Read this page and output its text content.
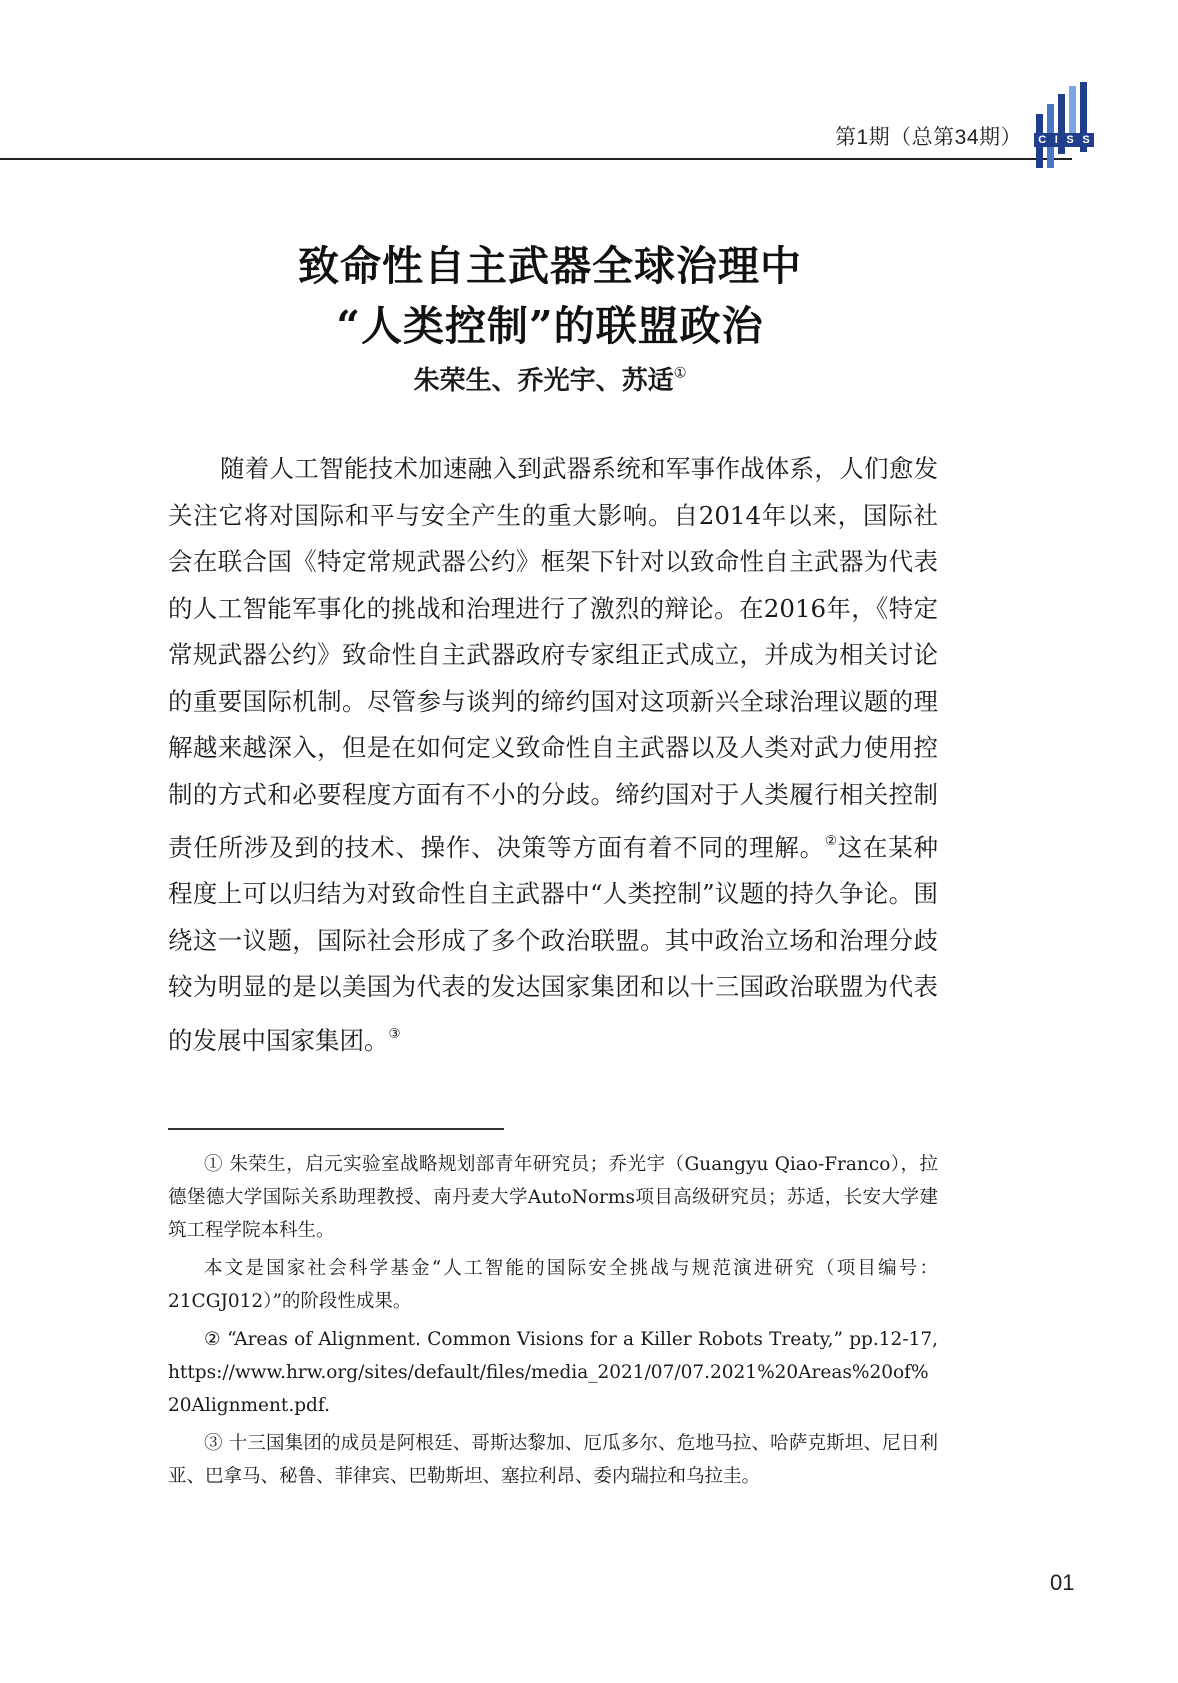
第1期（总第34期） C I S S
致命性自主武器全球治理中
“人类控制”的联盟政治
朱荣生、乔光宇、苏适①

随着人工智能技术加速融入到武器系统和军事作战体系，人们愈发关注它将对国际和平与安全产生的重大影响。自2014年以来，国际社会在联合国《特定常规武器公约》框架下针对以致命性自主武器为代表的人工智能军事化的挑战和治理进行了激烈的辩论。在2016年，《特定常规武器公约》致命性自主武器政府专家组正式成立，并成为相关讨论的重要国际机制。尽管参与谈判的缔约国对这项新兴全球治理议题的理解越来越深入，但是在如何定义致命性自主武器以及人类对武力使用控制的方式和必要程度方面有不小的分歧。缔约国对于人类履行相关控制责任所涉及到的技术、操作、决策等方面有着不同的理解。②这在某种程度上可以归结为对致命性自主武器中“人类控制”议题的持久争论。围绕这一议题，国际社会形成了多个政治联盟。其中政治立场和治理分歧较为明显的是以美国为代表的发达国家集团和以十三国政治联盟为代表的发展中国家集团。③

① 朱荣生，启元实验室战略规划部青年研究员；乔光宇（Guangyu Qiao-Franco），拉德堡德大学国际关系助理教授、南丹麦大学AutoNorms项目高级研究员；苏适，长安大学建筑工程学院本科生。

本文是国家社会科学基金“人工智能的国际安全挑战与规范演进研究（项目编号：21CGJ012）”的阶段性成果。

② “Areas of Alignment. Common Visions for a Killer Robots Treaty,” pp.12-17, https://www.hrw.org/sites/default/files/media_2021/07/07.2021%20Areas%20of%20Alignment.pdf.

③ 十三国集团的成员是阿根廷、哥斯达黎加、厄瓜多尔、危地马拉、哈萨克斯坦、尼日利亚、巴拿马、秘鲁、菲律宾、巴勒斯坦、塞拉利昂、委内瑞拉和乌拉圭。

01
